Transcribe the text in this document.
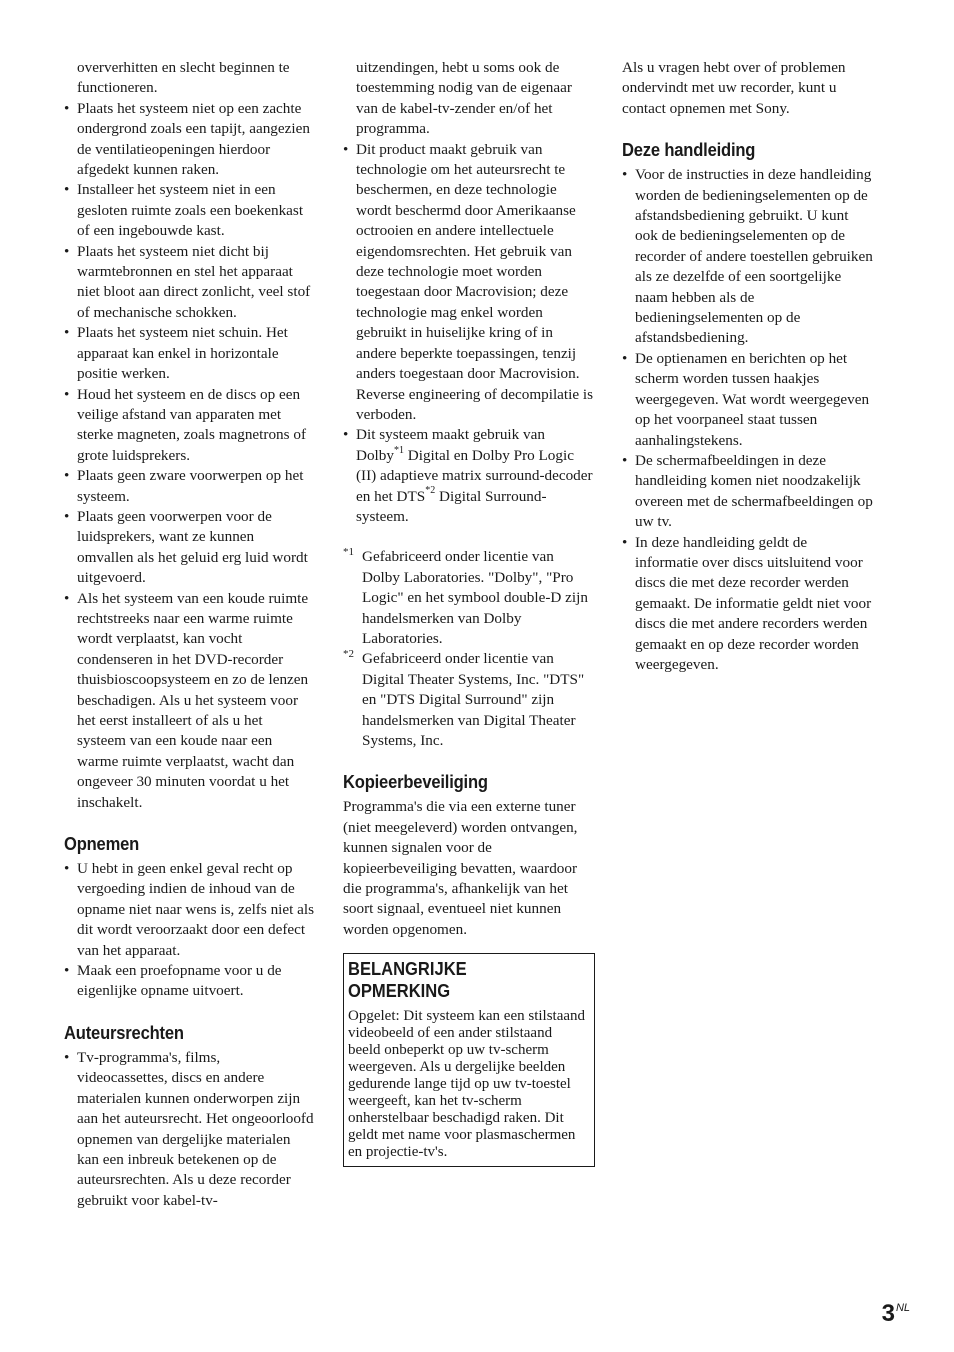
oververhitten en slecht beginnen te functioneren.

• Plaats het systeem niet op een zachte ondergrond zoals een tapijt, aangezien de ventilatieopeningen hierdoor afgedekt kunnen raken.
• Installeer het systeem niet in een gesloten ruimte zoals een boekenkast of een ingebouwde kast.
• Plaats het systeem niet dicht bij warmtebronnen en stel het apparaat niet bloot aan direct zonlicht, veel stof of mechanische schokken.
• Plaats het systeem niet schuin. Het apparaat kan enkel in horizontale positie werken.
• Houd het systeem en de discs op een veilige afstand van apparaten met sterke magneten, zoals magnetrons of grote luidsprekers.
• Plaats geen zware voorwerpen op het systeem.
• Plaats geen voorwerpen voor de luidsprekers, want ze kunnen omvallen als het geluid erg luid wordt uitgevoerd.
• Als het systeem van een koude ruimte rechtstreeks naar een warme ruimte wordt verplaatst, kan vocht condenseren in het DVD-recorder thuisbioscoopsysteem en zo de lenzen beschadigen. Als u het systeem voor het eerst installeert of als u het systeem van een koude naar een warme ruimte verplaatst, wacht dan ongeveer 30 minuten voordat u het inschakelt.
Opnemen
• U hebt in geen enkel geval recht op vergoeding indien de inhoud van de opname niet naar wens is, zelfs niet als dit wordt veroorzaakt door een defect van het apparaat.
• Maak een proefopname voor u de eigenlijke opname uitvoert.
Auteursrechten
• Tv-programma's, films, videocassettes, discs en andere materialen kunnen onderworpen zijn aan het auteursrecht. Het ongeoorloofd opnemen van dergelijke materialen kan een inbreuk betekenen op de auteursrechten. Als u deze recorder gebruikt voor kabel-tv-

uitzendingen, hebt u soms ook de toestemming nodig van de eigenaar van de kabel-tv-zender en/of het programma.

• Dit product maakt gebruik van technologie om het auteursrecht te beschermen, en deze technologie wordt beschermd door Amerikaanse octrooien en andere intellectuele eigendomsrechten. Het gebruik van deze technologie moet worden toegestaan door Macrovision; deze technologie mag enkel worden gebruikt in huiselijke kring of in andere beperkte toepassingen, tenzij anders toegestaan door Macrovision. Reverse engineering of decompilatie is verboden.
• Dit systeem maakt gebruik van Dolby$^{*1}$ Digital en Dolby Pro Logic (II) adaptieve matrix surround-decoder en het DTS$^{*2}$ Digital Surround-systeem.
*1 Gefabriceerd onder licentie van Dolby Laboratories. "Dolby", "Pro Logic" en het symbool double-D zijn handelsmerken van Dolby Laboratories.
*2 Gefabriceerd onder licentie van Digital Theater Systems, Inc. "DTS" en "DTS Digital Surround" zijn handelsmerken van Digital Theater Systems, Inc.
Kopieerbeveiliging

Programma's die via een externe tuner (niet meegeleverd) worden ontvangen, kunnen signalen voor de kopieerbeveiliging bevatten, waardoor die programma's, afhankelijk van het soort signaal, eventueel niet kunnen worden opgenomen.

BELANGRIJKE OPMERKING

Opgelet: Dit systeem kan een stilstaand videobeeld of een ander stilstaand beeld onbeperkt op uw tv-scherm weergeven. Als u dergelijke beelden gedurende lange tijd op uw tv-toestel weergeeft, kan het tv-scherm onherstelbaar beschadigd raken. Dit geldt met name voor plasmaschermen en projectie-tv's.

Als u vragen hebt over of problemen ondervindt met uw recorder, kunt u contact opnemen met Sony.

Deze handleiding
• Voor de instructies in deze handleiding worden de bedieningselementen op de afstandsbediening gebruikt. U kunt ook de bedieningselementen op de recorder of andere toestellen gebruiken als ze dezelfde of een soortgelijke naam hebben als de bedieningselementen op de afstandsbediening.
• De optienamen en berichten op het scherm worden tussen haakjes weergegeven. Wat wordt weergegeven op het voorpaneel staat tussen aanhalingstekens.
• De schermafbeeldingen in deze handleiding komen niet noodzakelijk overeen met de schermafbeeldingen op uw tv.
• In deze handleiding geldt de informatie over discs uitsluitend voor discs die met deze recorder werden gemaakt. De informatie geldt niet voor discs die met andere recorders werden gemaakt en op deze recorder worden weergegeven.
$3^{NL}$
